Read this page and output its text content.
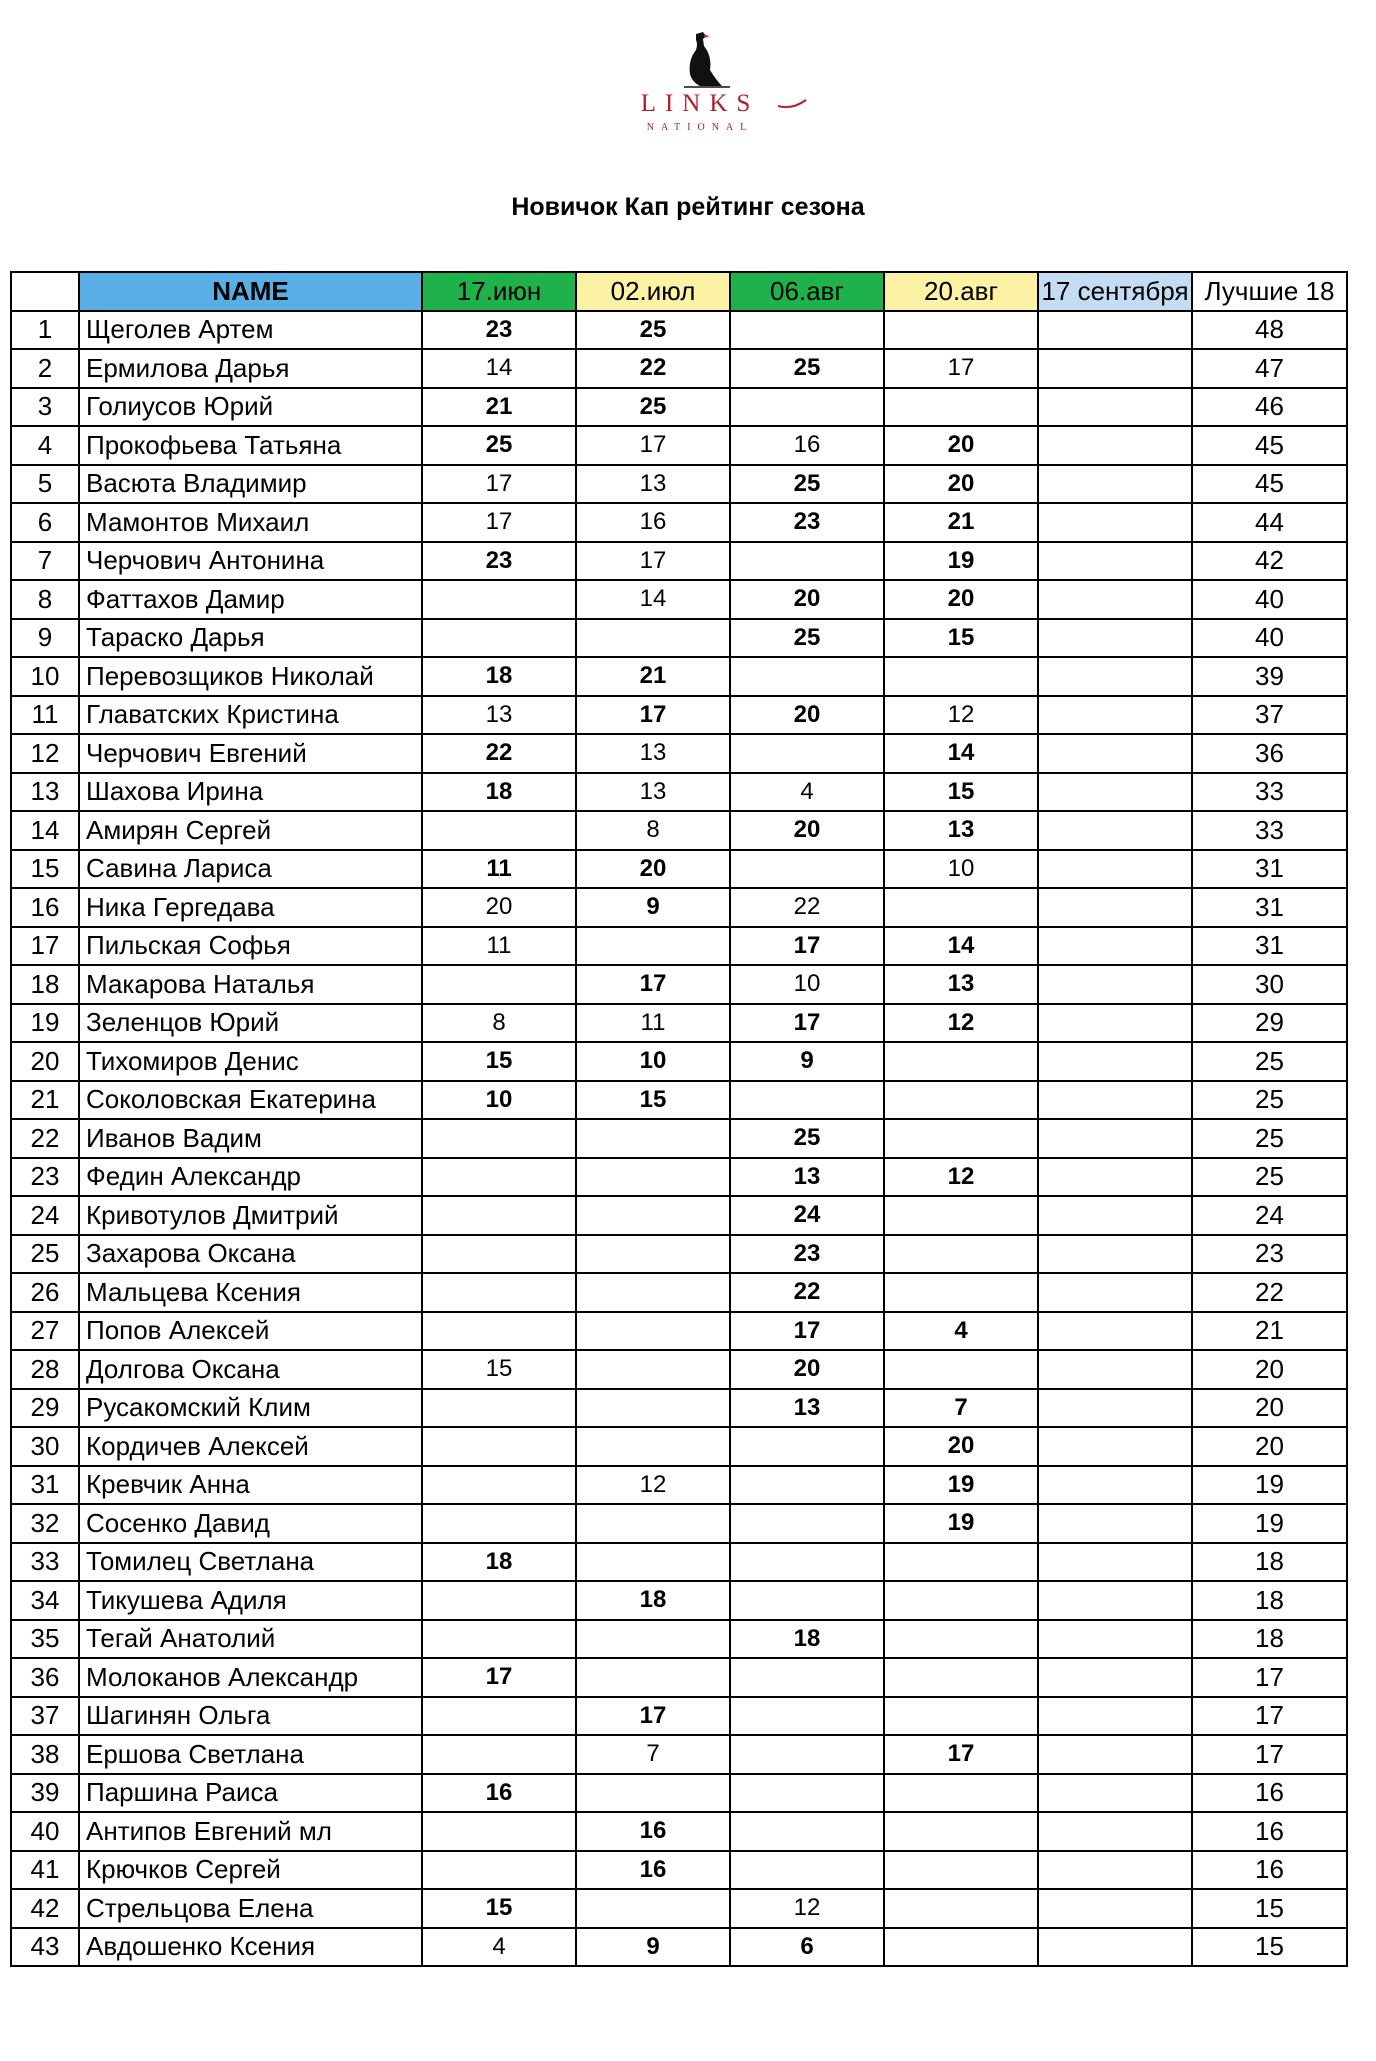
LINKS
NATIONAL
Новичок Кап рейтинг сезона
	NAME	17.июн	02.июл	06.авг	20.авг	17 сентября	Лучшие 18
1	Щеголев Артем	23	25				48
2	Ермилова Дарья	14	22	25	17		47
3	Голиусов Юрий	21	25				46
4	Прокофьева Татьяна	25	17	16	20		45
5	Васюта Владимир	17	13	25	20		45
6	Мамонтов Михаил	17	16	23	21		44
7	Черчович Антонина	23	17		19		42
8	Фаттахов Дамир		14	20	20		40
9	Тараско Дарья			25	15		40
10	Перевозщиков Николай	18	21				39
11	Главатских Кристина	13	17	20	12		37
12	Черчович Евгений	22	13		14		36
13	Шахова Ирина	18	13	4	15		33
14	Амирян Сергей		8	20	13		33
15	Савина Лариса	11	20		10		31
16	Ника Гергедава	20	9	22			31
17	Пильская Софья	11		17	14		31
18	Макарова Наталья		17	10	13		30
19	Зеленцов Юрий	8	11	17	12		29
20	Тихомиров Денис	15	10	9			25
21	Соколовская Екатерина	10	15				25
22	Иванов Вадим			25			25
23	Федин Александр			13	12		25
24	Кривотулов Дмитрий			24			24
25	Захарова Оксана			23			23
26	Мальцева Ксения			22			22
27	Попов Алексей			17	4		21
28	Долгова Оксана	15		20			20
29	Русакомский Клим			13	7		20
30	Кордичев Алексей				20		20
31	Кревчик Анна		12		19		19
32	Сосенко Давид				19		19
33	Томилец Светлана	18					18
34	Тикушева Адиля		18				18
35	Тегай Анатолий			18			18
36	Молоканов Александр	17					17
37	Шагинян Ольга		17				17
38	Ершова Светлана		7		17		17
39	Паршина Раиса	16					16
40	Антипов Евгений мл		16				16
41	Крючков Сергей		16				16
42	Стрельцова Елена	15		12			15
43	Авдошенко Ксения	4	9	6			15
